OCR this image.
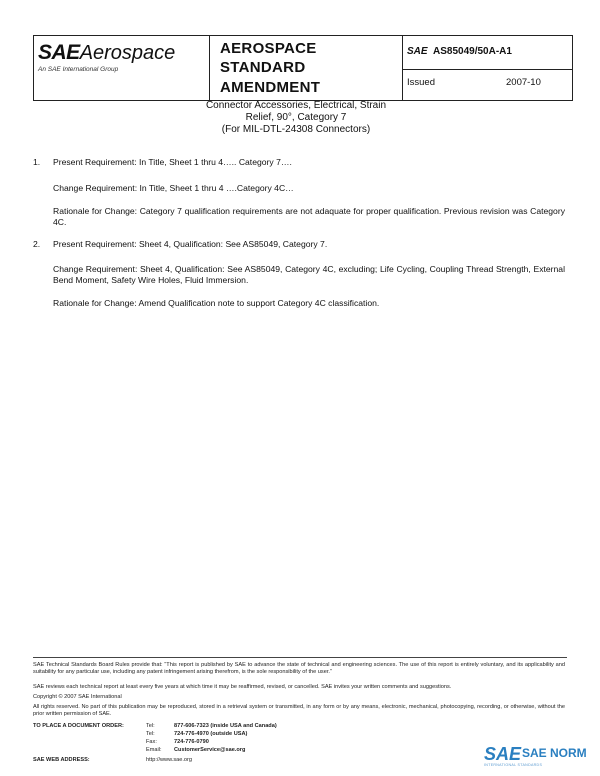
SAEAerospace
An SAE International Group
AEROSPACE
STANDARD
AMENDMENT
SAE AS85049/50A-A1
Issued	2007-10
Connector Accessories, Electrical, Strain
Relief, 90°, Category 7
(For MIL-DTL-24308 Connectors)
1. Present Requirement: In Title, Sheet 1 thru 4….. Category 7….
Change Requirement: In Title, Sheet 1 thru 4 ….Category 4C…
Rationale for Change: Category 7 qualification requirements are not adaquate for proper qualification. Previous revision was Category 4C.
2. Present Requirement: Sheet 4, Qualification: See AS85049, Category 7.
Change Requirement: Sheet 4, Qualification: See AS85049, Category 4C, excluding; Life Cycling, Coupling Thread Strength, External Bend Moment, Safety Wire Holes, Fluid Immersion.
Rationale for Change: Amend Qualification note to support Category 4C classification.
SAE Technical Standards Board Rules provide that: “This report is published by SAE to advance the state of technical and engineering sciences. The use of this report is entirely voluntary, and its applicability and suitability for any particular use, including any patent infringement arising therefrom, is the sole responsibility of the user.”
SAE reviews each technical report at least every five years at which time it may be reaffirmed, revised, or cancelled. SAE invites your written comments and suggestions.
Copyright © 2007 SAE International
All rights reserved. No part of this publication may be reproduced, stored in a retrieval system or transmitted, in any form or by any means, electronic, mechanical, photocopying, recording, or otherwise, without the prior written permission of SAE.
TO PLACE A DOCUMENT ORDER:	Tel:	877-606-7323 (inside USA and Canada)
Tel:	724-776-4970 (outside USA)
Fax:	724-776-0790
Email: CustomerService@sae.org
SAE WEB ADDRESS:	http://www.sae.org	SAE SAE NORM
INTERNATIONAL STANDARDS
